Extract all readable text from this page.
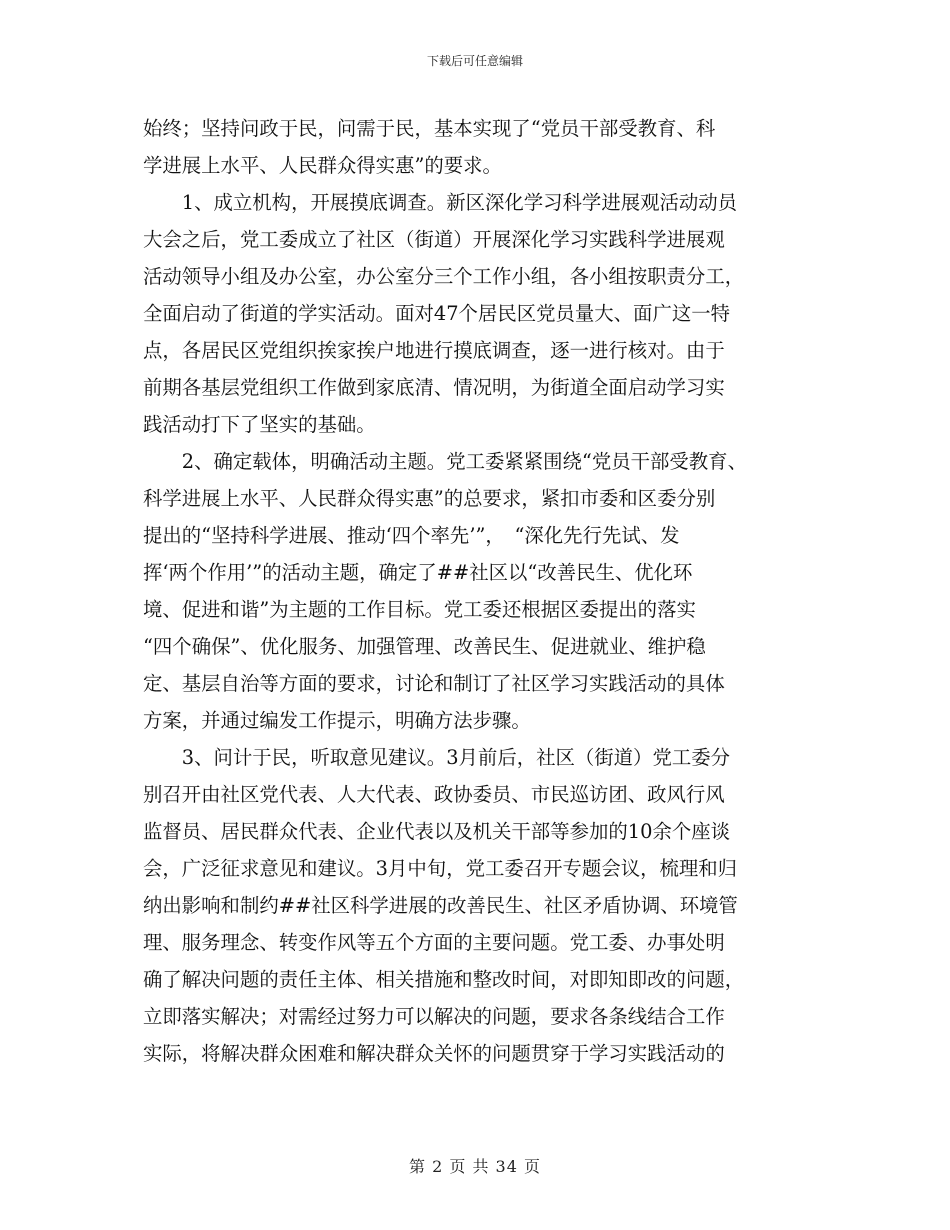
下载后可任意编辑
始终；坚持问政于民，问需于民，基本实现了“党员干部受教育、科
学进展上水平、人民群众得实惠”的要求。
　　1、成立机构，开展摸底调查。新区深化学习科学进展观活动动员
大会之后，党工委成立了社区（街道）开展深化学习实践科学进展观
活动领导小组及办公室，办公室分三个工作小组，各小组按职责分工，
全面启动了街道的学实活动。面对47个居民区党员量大、面广这一特
点，各居民区党组织挨家挨户地进行摸底调查，逐一进行核对。由于
前期各基层党组织工作做到家底清、情况明，为街道全面启动学习实
践活动打下了坚实的基础。
　　2、确定载体，明确活动主题。党工委紧紧围绕“党员干部受教育、
科学进展上水平、人民群众得实惠”的总要求，紧扣市委和区委分别
提出的“坚持科学进展、推动‘四个率先’”，　“深化先行先试、发
挥‘两个作用’”的活动主题，确定了##社区以“改善民生、优化环
境、促进和谐”为主题的工作目标。党工委还根据区委提出的落实
“四个确保”、优化服务、加强管理、改善民生、促进就业、维护稳
定、基层自治等方面的要求，讨论和制订了社区学习实践活动的具体
方案，并通过编发工作提示，明确方法步骤。
　　3、问计于民，听取意见建议。3月前后，社区（街道）党工委分
别召开由社区党代表、人大代表、政协委员、市民巡访团、政风行风
监督员、居民群众代表、企业代表以及机关干部等参加的10余个座谈
会，广泛征求意见和建议。3月中旬，党工委召开专题会议，梳理和归
纳出影响和制约##社区科学进展的改善民生、社区矛盾协调、环境管
理、服务理念、转变作风等五个方面的主要问题。党工委、办事处明
确了解决问题的责任主体、相关措施和整改时间，对即知即改的问题，
立即落实解决；对需经过努力可以解决的问题，要求各条线结合工作
实际，将解决群众困难和解决群众关怀的问题贯穿于学习实践活动的
第 2 页 共 34 页
